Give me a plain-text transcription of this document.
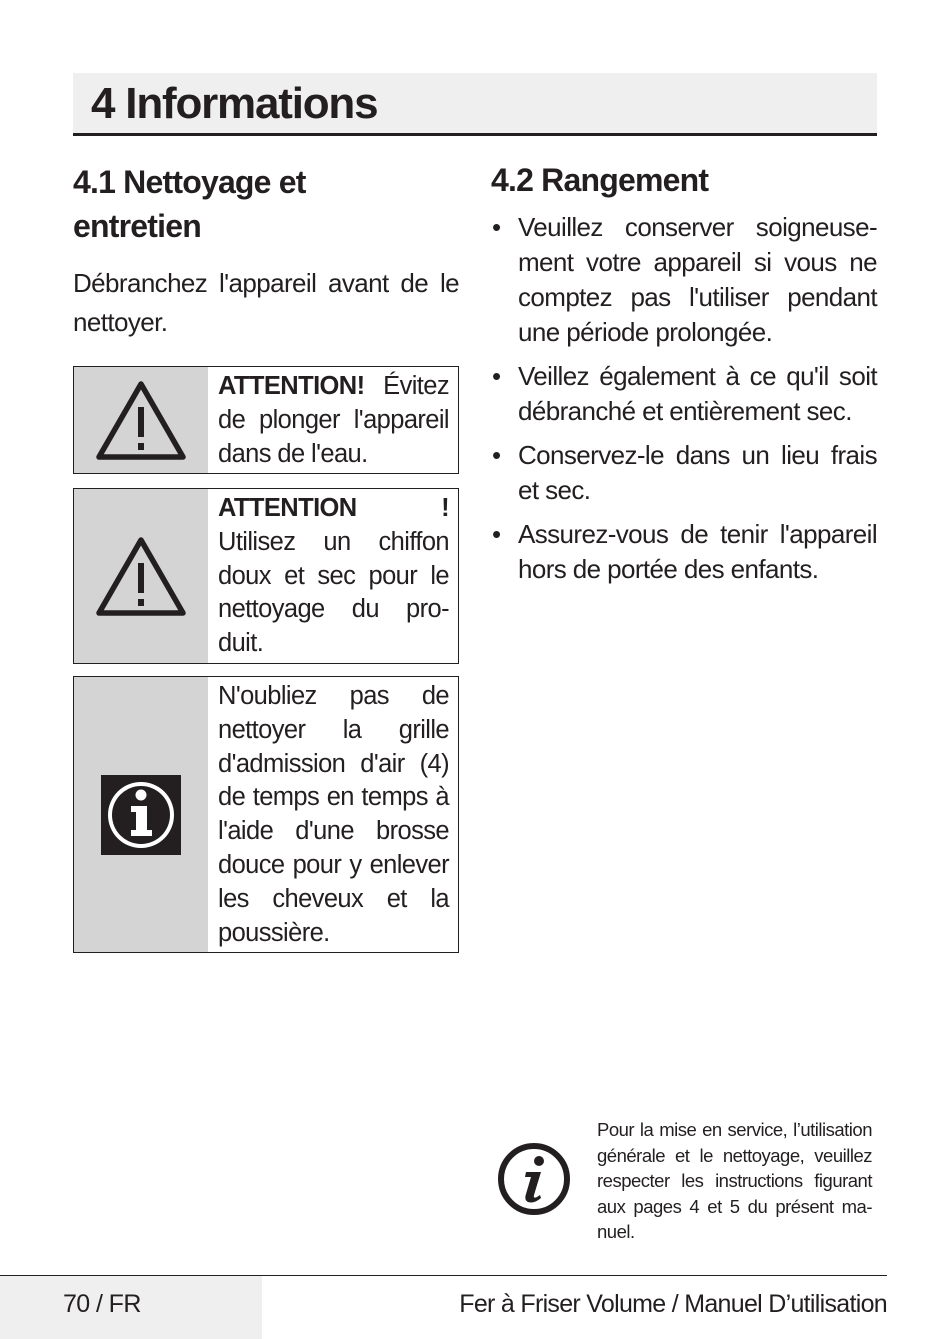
4 Informations
4.1 Nettoyage et
entretien

Débranchez l'appareil avant de le nettoyer.

ATTENTION! Évitez de plonger l'appareil dans de l'eau.
ATTENTION	!
Utilisez un chiffon doux et sec pour le nettoyage du pro-duit.
N'oubliez pas de nettoyer la grille d'admission d'air (4) de temps en temps à l'aide d'une brosse douce pour y enlever les cheveux et la poussière.
4.2 Rangement
• Veuillez conserver soigneuse-ment votre appareil si vous ne comptez pas l'utiliser pendant une période prolongée.
• Veillez également à ce qu'il soit débranché et entièrement sec.
• Conservez-le dans un lieu frais et sec.
• Assurez-vous de tenir l'appareil hors de portée des enfants.
Pour la mise en service, l’utilisation générale et le nettoyage, veuillez respecter les instructions figurant aux pages 4 et 5 du présent ma-nuel.
70 / FR	Fer à Friser Volume / Manuel D’utilisation
